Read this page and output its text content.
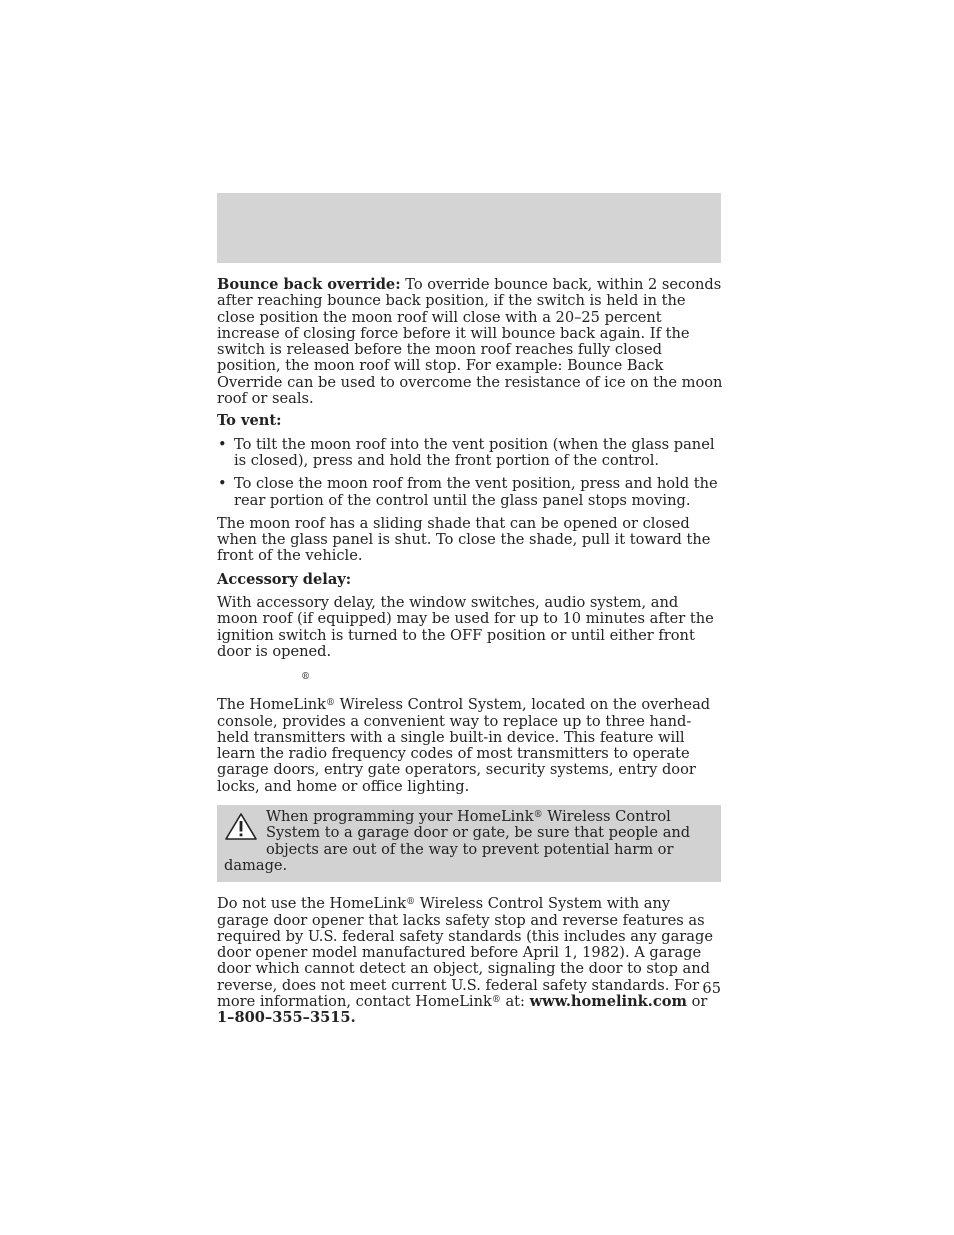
Bounce back override: To override bounce back, within 2 seconds after reaching bounce back position, if the switch is held in the close position the moon roof will close with a 20–25 percent increase of closing force before it will bounce back again. If the switch is released before the moon roof reaches fully closed position, the moon roof will stop. For example: Bounce Back Override can be used to overcome the resistance of ice on the moon roof or seals.

To vent:

• To tilt the moon roof into the vent position (when the glass panel is closed), press and hold the front portion of the control.
• To close the moon roof from the vent position, press and hold the rear portion of the control until the glass panel stops moving.

The moon roof has a sliding shade that can be opened or closed when the glass panel is shut. To close the shade, pull it toward the front of the vehicle.

Accessory delay:

With accessory delay, the window switches, audio system, and moon roof (if equipped) may be used for up to 10 minutes after the ignition switch is turned to the OFF position or until either front door is opened.

®

The HomeLink® Wireless Control System, located on the overhead console, provides a convenient way to replace up to three hand-held transmitters with a single built-in device. This feature will learn the radio frequency codes of most transmitters to operate garage doors, entry gate operators, security systems, entry door locks, and home or office lighting.

When programming your HomeLink® Wireless Control System to a garage door or gate, be sure that people and objects are out of the way to prevent potential harm or damage.

Do not use the HomeLink® Wireless Control System with any garage door opener that lacks safety stop and reverse features as required by U.S. federal safety standards (this includes any garage door opener model manufactured before April 1, 1982). A garage door which cannot detect an object, signaling the door to stop and reverse, does not meet current U.S. federal safety standards. For more information, contact HomeLink® at: www.homelink.com or 1–800–355–3515.

65
